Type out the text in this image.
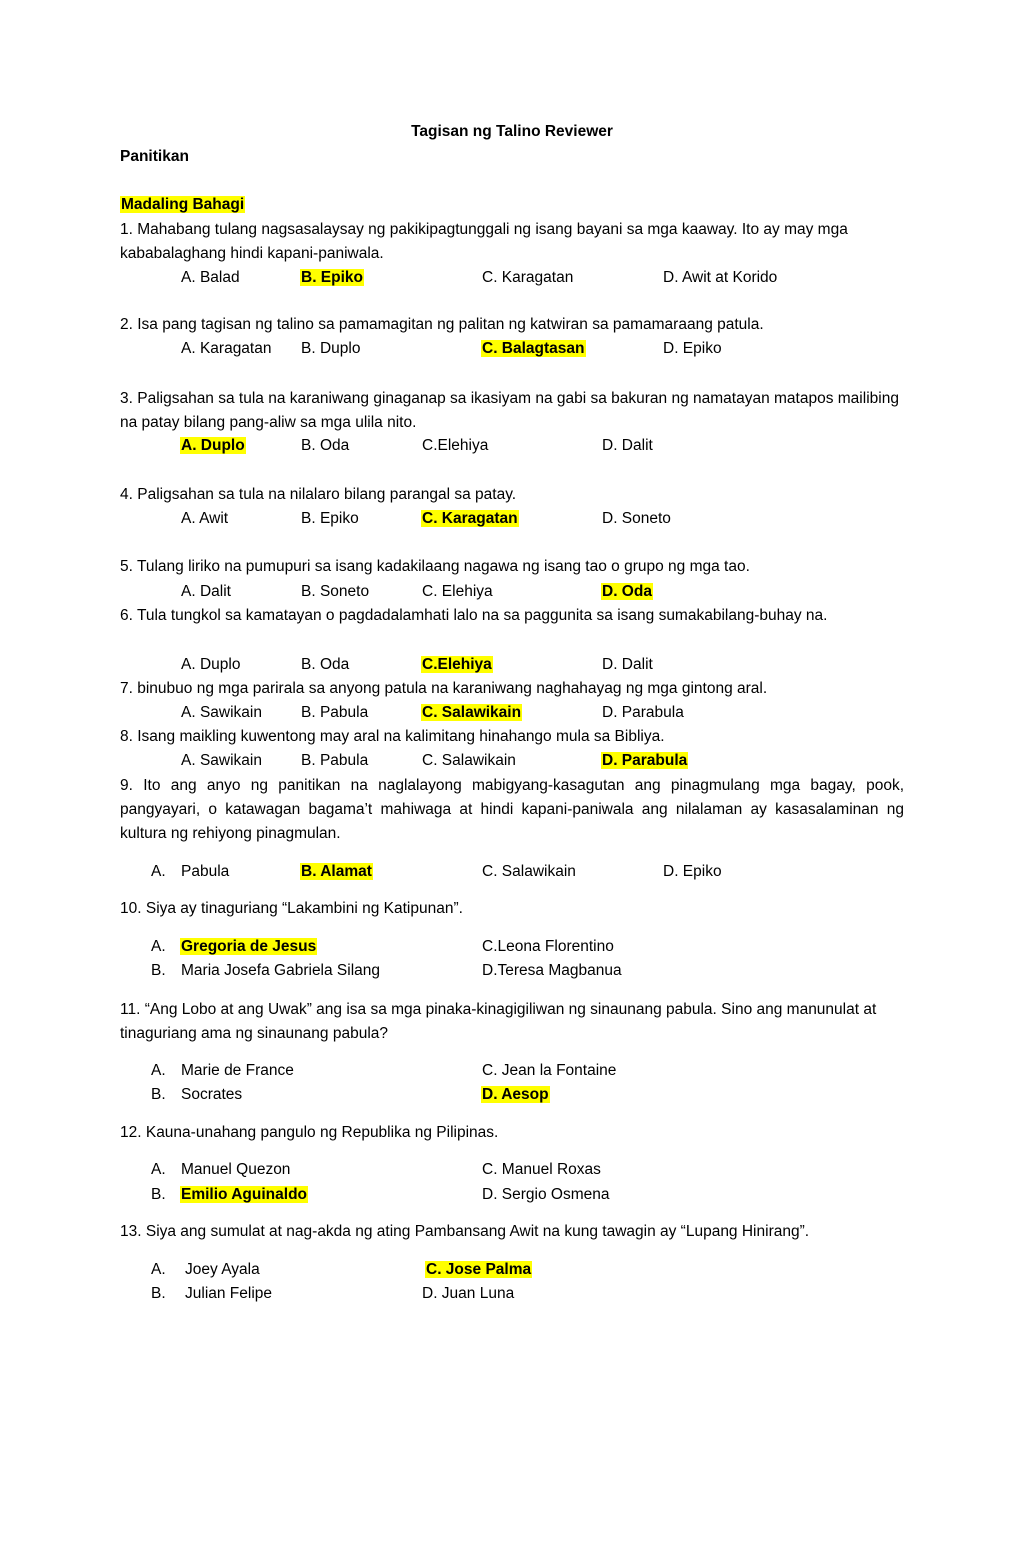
Tagisan ng Talino Reviewer
Panitikan
Madaling Bahagi
1. Mahabang tulang nagsasalaysay ng pakikipagtunggali ng isang bayani sa mga kaaway. Ito ay may mga kababalaghang hindi kapani-paniwala.
A. Balad	B. Epiko	C. Karagatan	D. Awit at Korido
2. Isa pang tagisan ng talino sa pamamagitan ng palitan ng katwiran sa pamamaraang patula.
A. Karagatan B. Duplo	C. Balagtasan	D. Epiko
3. Paligsahan sa tula na karaniwang ginaganap sa ikasiyam na gabi sa bakuran ng namatayan matapos mailibing na patay bilang pang-aliw sa mga ulila nito.
A. Duplo	B. Oda	C.Elehiya	D. Dalit
4. Paligsahan sa tula na nilalaro bilang parangal sa patay.
A. Awit	B. Epiko	C. Karagatan	D. Soneto
5. Tulang liriko na pumupuri sa isang kadakilaang nagawa ng isang tao o grupo ng mga tao.
A. Dalit	B. Soneto	C. Elehiya	D. Oda
6. Tula tungkol sa kamatayan o pagdadalamhati lalo na sa paggunita sa isang sumakabilang-buhay na.
A. Duplo	B. Oda	C.Elehiya	D. Dalit
7. binubuo ng mga parirala sa anyong patula na karaniwang naghahayag ng mga gintong aral.
A. Sawikain	B. Pabula	C. Salawikain	D. Parabula
8. Isang maikling kuwentong may aral na kalimitang hinahango mula sa Bibliya.
A. Sawikain	B. Pabula	C. Salawikain	D. Parabula
9. Ito ang anyo ng panitikan na naglalayong mabigyang-kasagutan ang pinagmulang mga bagay, pook, pangyayari, o katawagan bagama’t mahiwaga at hindi kapani-paniwala ang nilalaman ay kasasalaminan ng kultura ng rehiyong pinagmulan.
A. Pabula	B. Alamat	C. Salawikain	D. Epiko
10. Siya ay tinaguriang “Lakambini ng Katipunan”.
A. Gregoria de Jesus	C.Leona Florentino
B. Maria Josefa Gabriela Silang	D.Teresa Magbanua
11. “Ang Lobo at ang Uwak” ang isa sa mga pinaka-kinagigiliwan ng sinaunang pabula. Sino ang manunulat at tinaguriang ama ng sinaunang pabula?
A. Marie de France	C. Jean la Fontaine
B. Socrates	D. Aesop
12. Kauna-unahang pangulo ng Republika ng Pilipinas.
A. Manuel Quezon	C. Manuel Roxas
B. Emilio Aguinaldo	D. Sergio Osmena
13. Siya ang sumulat at nag-akda ng ating Pambansang Awit na kung tawagin ay “Lupang Hinirang”.
A. Joey Ayala	C. Jose Palma
B. Julian Felipe	D. Juan Luna
